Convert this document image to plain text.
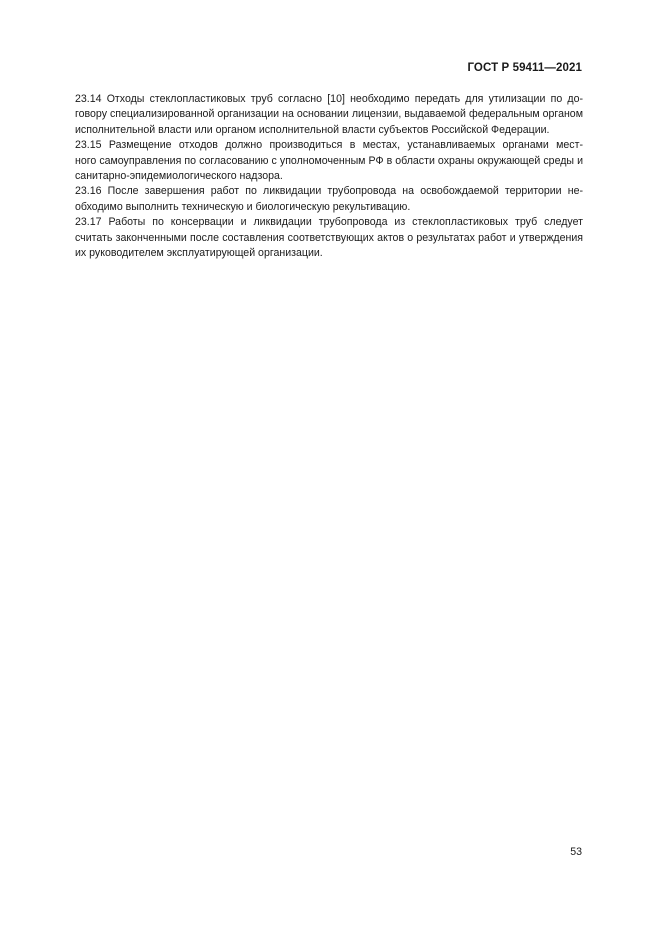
ГОСТ Р 59411—2021
23.14 Отходы стеклопластиковых труб согласно [10] необходимо передать для утилизации по до-
говору специализированной организации на основании лицензии, выдаваемой федеральным органом
исполнительной власти или органом исполнительной власти субъектов Российской Федерации.
23.15 Размещение отходов должно производиться в местах, устанавливаемых органами мест-
ного самоуправления по согласованию с уполномоченным РФ в области охраны окружающей среды и
санитарно-эпидемиологического надзора.
23.16 После завершения работ по ликвидации трубопровода на освобождаемой территории не-
обходимо выполнить техническую и биологическую рекультивацию.
23.17 Работы по консервации и ликвидации трубопровода из стеклопластиковых труб следует
считать законченными после составления соответствующих актов о результатах работ и утверждения
их руководителем эксплуатирующей организации.
53
